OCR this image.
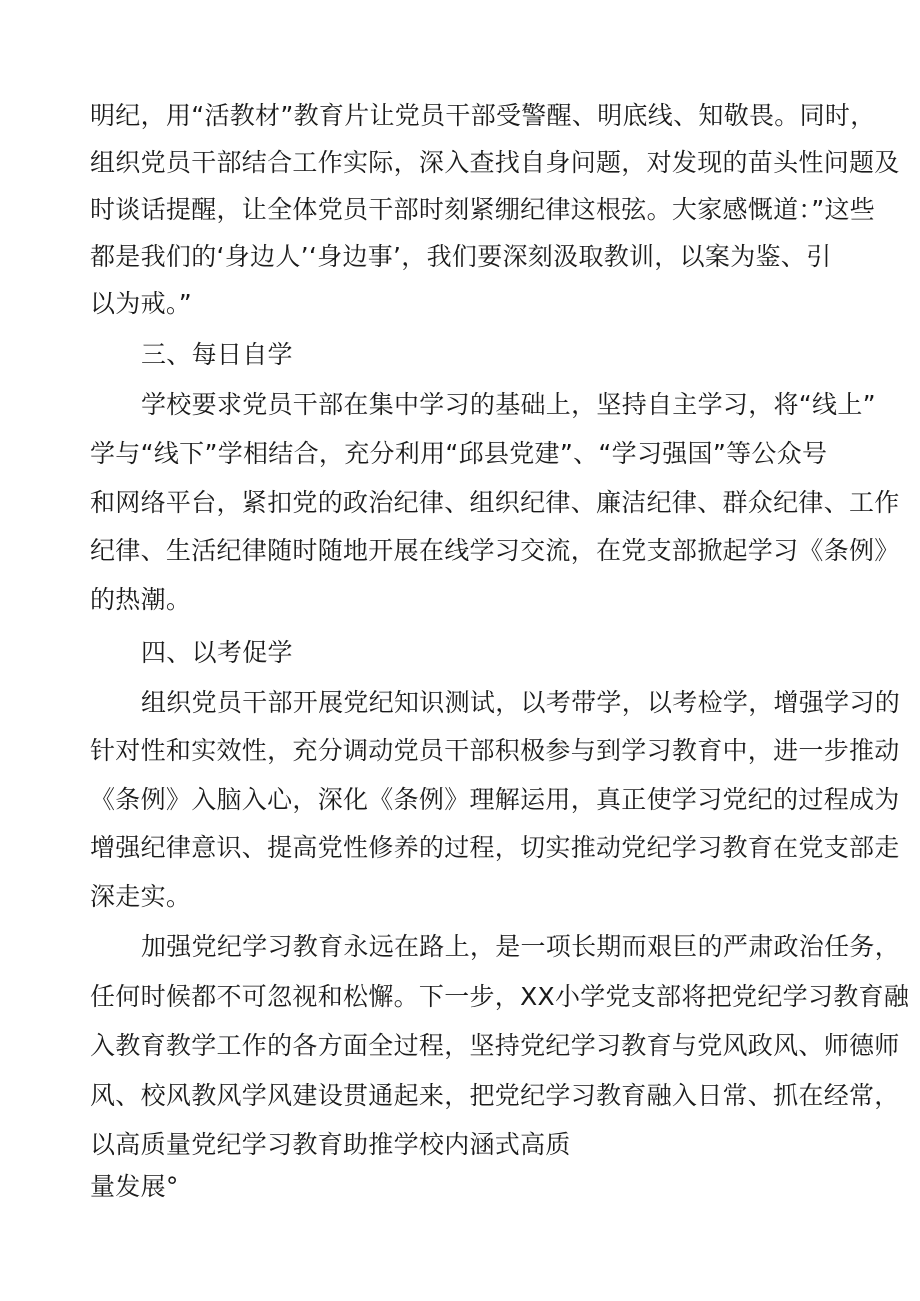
明纪，用“活教材”教育片让党员干部受警醒、明底线、知敬畏。同时，

组织党员干部结合工作实际，深入查找自身问题，对发现的苗头性问题及

时谈话提醒，让全体党员干部时刻紧绷纪律这根弦。大家感慨道：”这些

都是我们的‘身边人’‘身边事’，我们要深刻汲取教训，以案为鉴、引

以为戒。”

三、每日自学

学校要求党员干部在集中学习的基础上，坚持自主学习，将“线上”

学与“线下”学相结合，充分利用“邱县党建”、“学习强国”等公众号

和网络平台，紧扣党的政治纪律、组织纪律、廉洁纪律、群众纪律、工作

纪律、生活纪律随时随地开展在线学习交流，在党支部掀起学习《条例》

的热潮。

四、以考促学

组织党员干部开展党纪知识测试，以考带学，以考检学，增强学习的

针对性和实效性，充分调动党员干部积极参与到学习教育中，进一步推动

《条例》入脑入心，深化《条例》理解运用，真正使学习党纪的过程成为

增强纪律意识、提高党性修养的过程，切实推动党纪学习教育在党支部走

深走实。

加强党纪学习教育永远在路上，是一项长期而艰巨的严肃政治任务，

任何时候都不可忽视和松懈。下一步，XX小学党支部将把党纪学习教育融

入教育教学工作的各方面全过程，坚持党纪学习教育与党风政风、师德师

风、校风教风学风建设贯通起来，把党纪学习教育融入日常、抓在经常，

以高质量党纪学习教育助推学校内涵式高质

量发展°
